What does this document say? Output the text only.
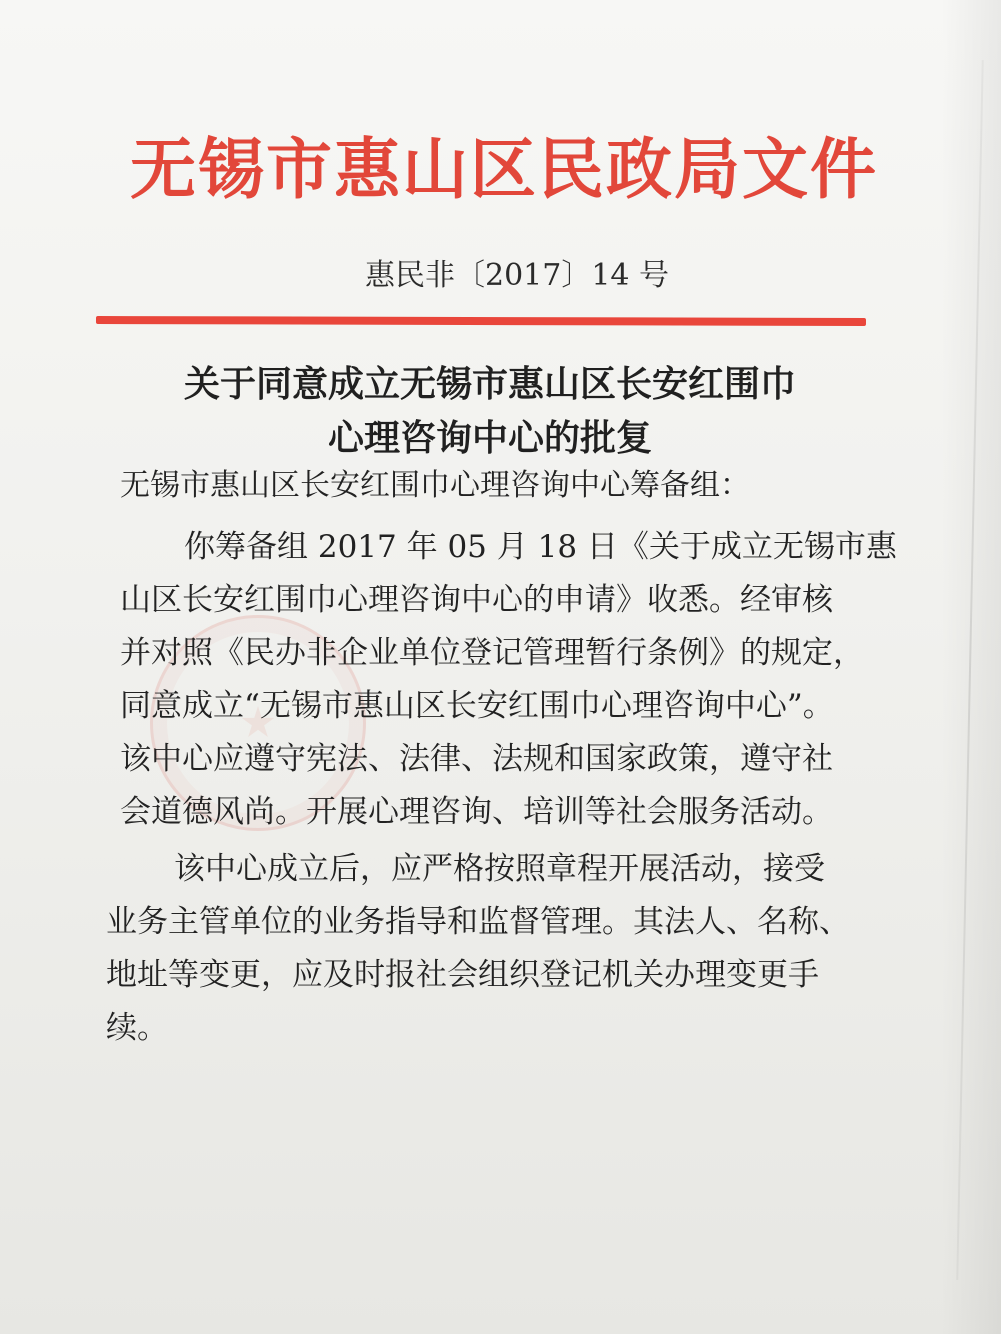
无锡市惠山区民政局文件
惠民非〔2017〕14 号
关于同意成立无锡市惠山区长安红围巾
心理咨询中心的批复
无锡市惠山区长安红围巾心理咨询中心筹备组：
你筹备组 2017 年 05 月 18 日《关于成立无锡市惠
山区长安红围巾心理咨询中心的申请》收悉。经审核
并对照《民办非企业单位登记管理暂行条例》的规定，
同意成立“无锡市惠山区长安红围巾心理咨询中心”。
该中心应遵守宪法、法律、法规和国家政策，遵守社
会道德风尚。开展心理咨询、培训等社会服务活动。
该中心成立后，应严格按照章程开展活动，接受
业务主管单位的业务指导和监督管理。其法人、名称、
地址等变更，应及时报社会组织登记机关办理变更手
续。
